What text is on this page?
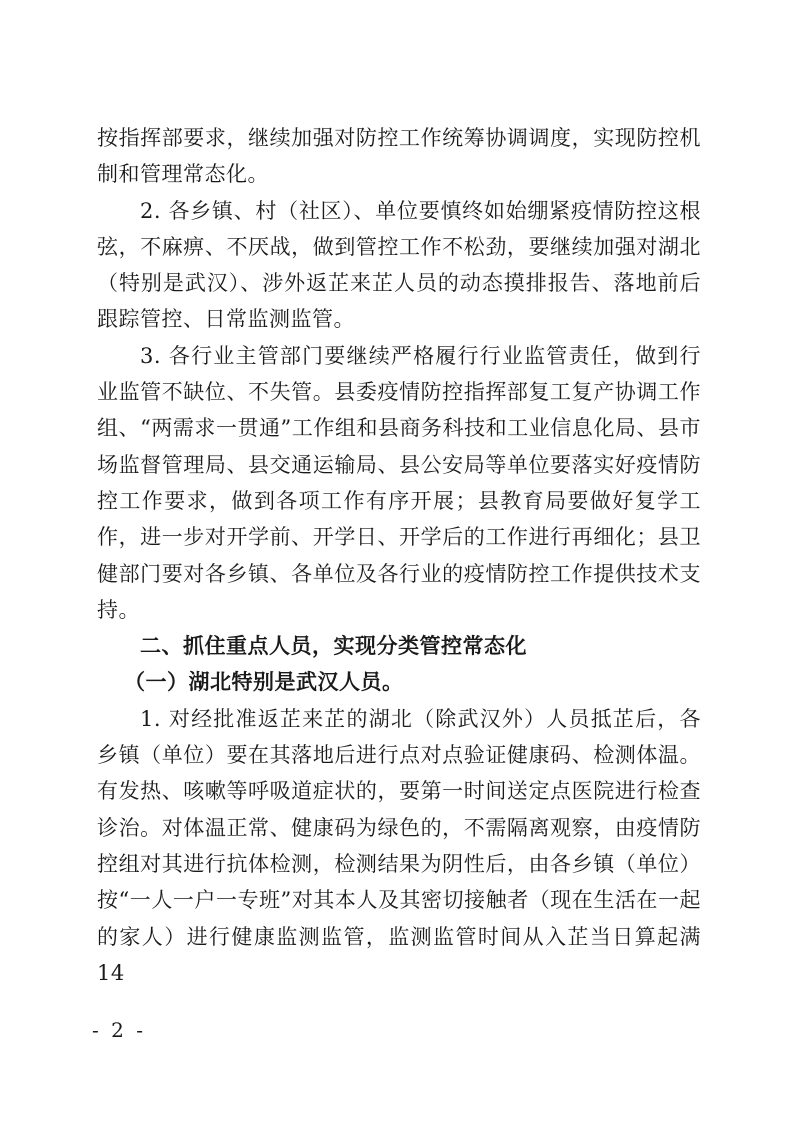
按指挥部要求，继续加强对防控工作统筹协调调度，实现防控机制和管理常态化。

2. 各乡镇、村（社区）、单位要慎终如始绷紧疫情防控这根弦，不麻痹、不厌战，做到管控工作不松劲，要继续加强对湖北（特别是武汉）、涉外返芷来芷人员的动态摸排报告、落地前后跟踪管控、日常监测监管。

3. 各行业主管部门要继续严格履行行业监管责任，做到行业监管不缺位、不失管。县委疫情防控指挥部复工复产协调工作组、“两需求一贯通”工作组和县商务科技和工业信息化局、县市场监督管理局、县交通运输局、县公安局等单位要落实好疫情防控工作要求，做到各项工作有序开展；县教育局要做好复学工作，进一步对开学前、开学日、开学后的工作进行再细化；县卫健部门要对各乡镇、各单位及各行业的疫情防控工作提供技术支持。

二、抓住重点人员，实现分类管控常态化

（一）湖北特别是武汉人员。

1. 对经批准返芷来芷的湖北（除武汉外）人员抵芷后，各乡镇（单位）要在其落地后进行点对点验证健康码、检测体温。有发热、咳嗽等呼吸道症状的，要第一时间送定点医院进行检查诊治。对体温正常、健康码为绿色的，不需隔离观察，由疫情防控组对其进行抗体检测，检测结果为阴性后，由各乡镇（单位）按“一人一户一专班”对其本人及其密切接触者（现在生活在一起的家人）进行健康监测监管，监测监管时间从入芷当日算起满14

- 2 -
